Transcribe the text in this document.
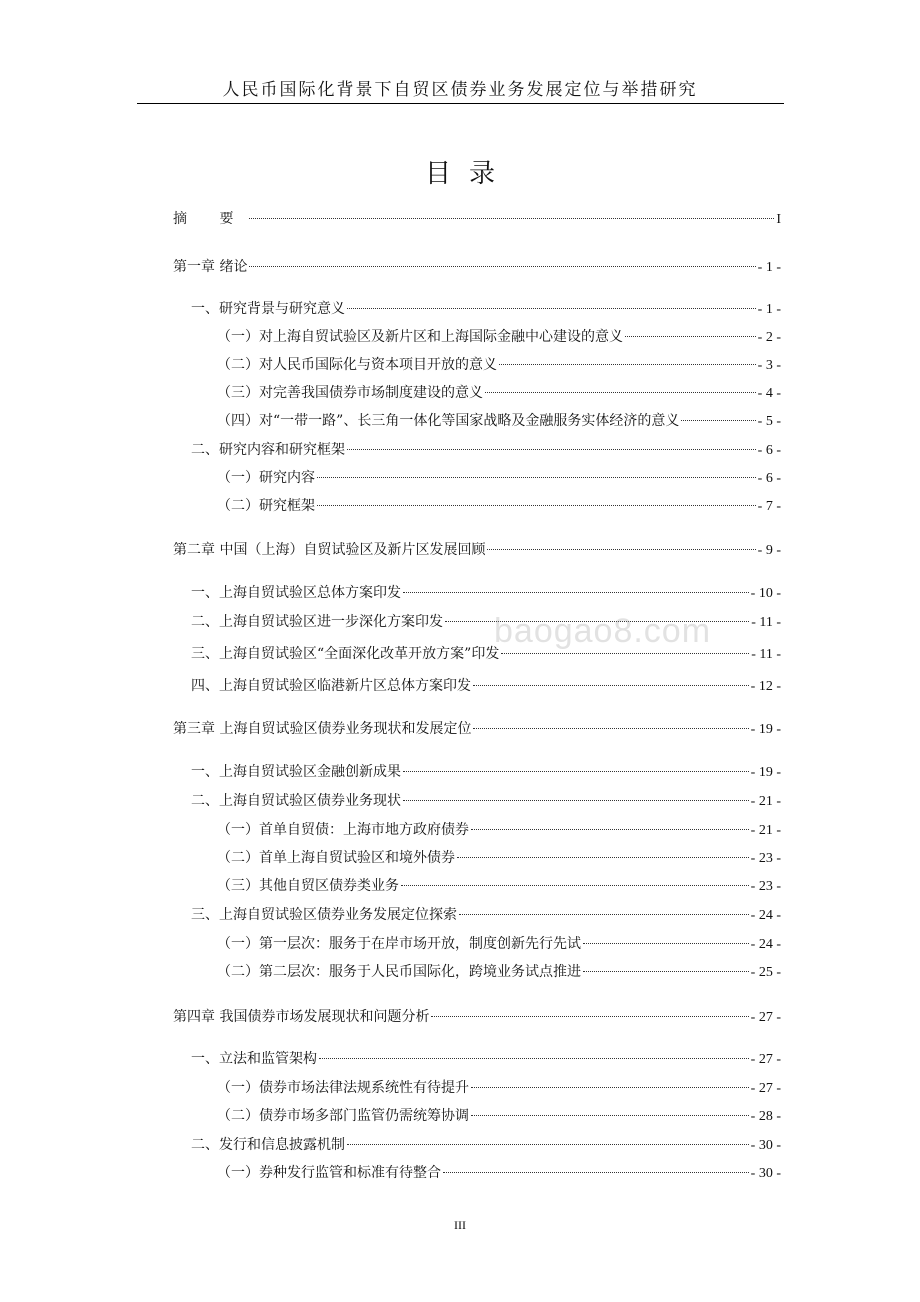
人民币国际化背景下自贸区债券业务发展定位与举措研究
目录
摘 要	I
第一章 绪论	- 1 -
一、研究背景与研究意义	- 1 -
（一）对上海自贸试验区及新片区和上海国际金融中心建设的意义	- 2 -
（二）对人民币国际化与资本项目开放的意义	- 3 -
（三）对完善我国债券市场制度建设的意义	- 4 -
（四）对“一带一路”、长三角一体化等国家战略及金融服务实体经济的意义	- 5 -
二、研究内容和研究框架	- 6 -
（一）研究内容	- 6 -
（二）研究框架	- 7 -
第二章 中国（上海）自贸试验区及新片区发展回顾	- 9 -
一、上海自贸试验区总体方案印发	- 10 -
二、上海自贸试验区进一步深化方案印发	- 11 -
三、上海自贸试验区“全面深化改革开放方案”印发	- 11 -
四、上海自贸试验区临港新片区总体方案印发	- 12 -
第三章 上海自贸试验区债券业务现状和发展定位	- 19 -
一、上海自贸试验区金融创新成果	- 19 -
二、上海自贸试验区债券业务现状	- 21 -
（一）首单自贸债：上海市地方政府债券	- 21 -
（二）首单上海自贸试验区和境外债券	- 23 -
（三）其他自贸区债券类业务	- 23 -
三、上海自贸试验区债券业务发展定位探索	- 24 -
（一）第一层次：服务于在岸市场开放，制度创新先行先试	- 24 -
（二）第二层次：服务于人民币国际化，跨境业务试点推进	- 25 -
第四章 我国债券市场发展现状和问题分析	- 27 -
一、立法和监管架构	- 27 -
（一）债券市场法律法规系统性有待提升	- 27 -
（二）债券市场多部门监管仍需统筹协调	- 28 -
二、发行和信息披露机制	- 30 -
（一）券种发行监管和标准有待整合	- 30 -
baogao8.com
III
